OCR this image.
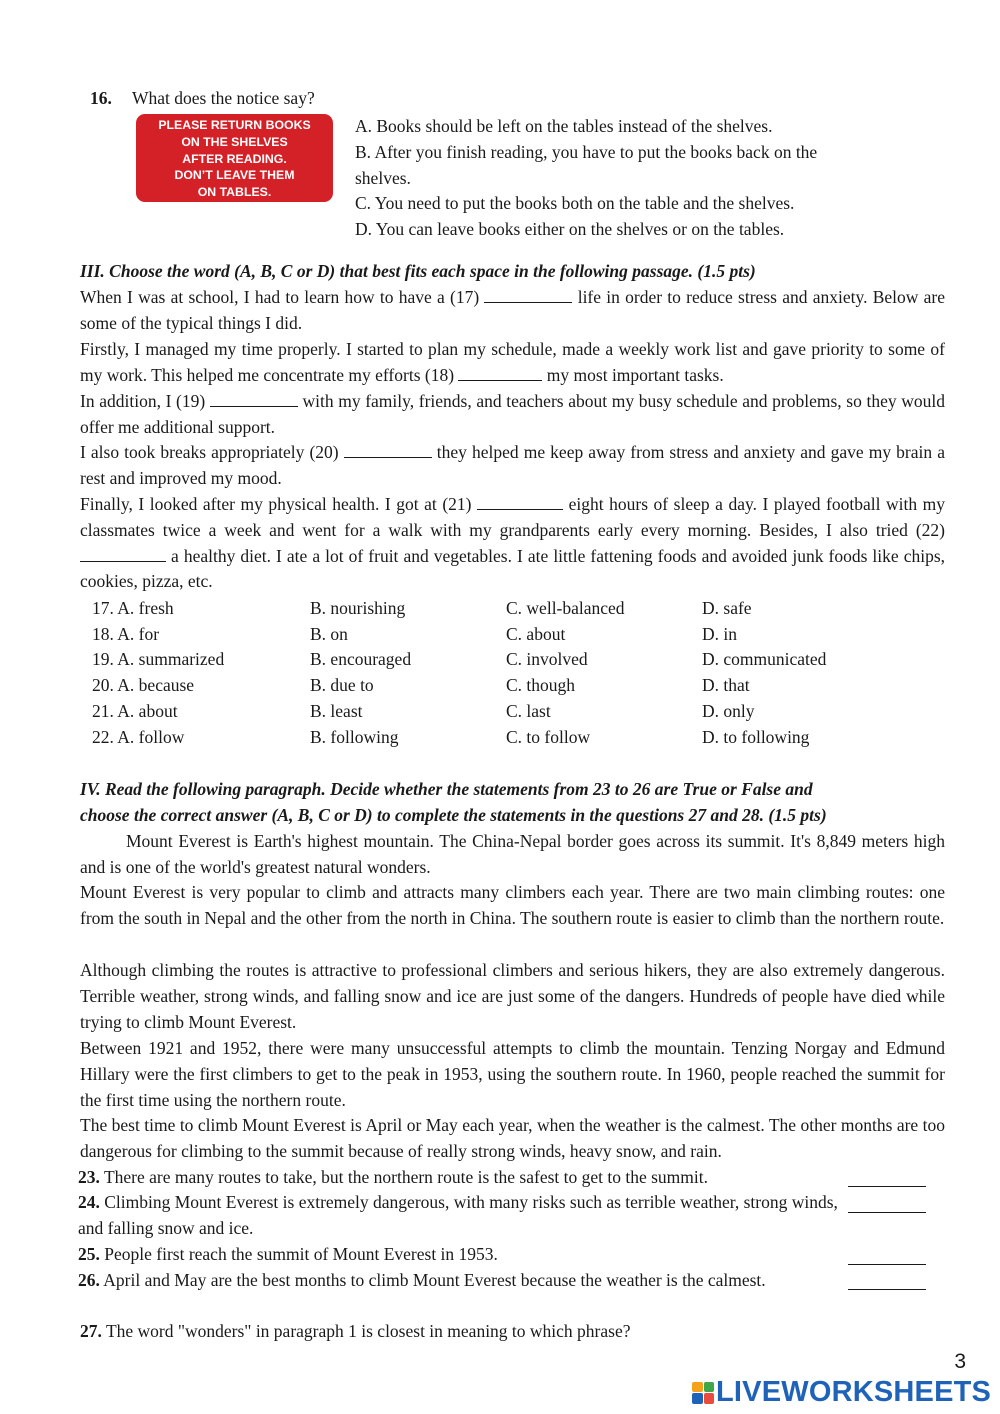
16. What does the notice say?
PLEASE RETURN BOOKS
ON THE SHELVES
AFTER READING.
DON’T LEAVE THEM
ON TABLES.
A. Books should be left on the tables instead of the shelves.
B. After you finish reading, you have to put the books back on the
shelves.
C. You need to put the books both on the table and the shelves.
D. You can leave books either on the shelves or on the tables.
III. Choose the word (A, B, C or D) that best fits each space in the following passage. (1.5 pts)
When I was at school, I had to learn how to have a (17)	life in order to reduce stress and anxiety. Below are some of the typical things I did.
Firstly, I managed my time properly. I started to plan my schedule, made a weekly work list and gave priority to some of my work. This helped me concentrate my efforts (18)	my most important tasks.
In addition, I (19)	with my family, friends, and teachers about my busy schedule and problems, so they would offer me additional support.
I also took breaks appropriately (20)	they helped me keep away from stress and anxiety and gave my brain a rest and improved my mood.
Finally, I looked after my physical health. I got at (21)	eight hours of sleep a day. I played football with my classmates twice a week and went for a walk with my grandparents early every morning. Besides, I also tried (22)  a healthy diet. I ate a lot of fruit and vegetables. I ate little fattening foods and avoided junk foods like chips, cookies, pizza, etc.
17. A. fresh	B. nourishing	C. well-balanced	D. safe
18. A. for	B. on	C. about	D. in
19. A. summarized	B. encouraged	C. involved	D. communicated
20. A. because	B. due to	C. though	D. that
21. A. about	B. least	C. last	D. only
22. A. follow	B. following	C. to follow	D. to following
IV. Read the following paragraph. Decide whether the statements from 23 to 26 are True or False and
choose the correct answer (A, B, C or D) to complete the statements in the questions 27 and 28. (1.5 pts)
Mount Everest is Earth's highest mountain. The China-Nepal border goes across its summit. It's 8,849 meters high and is one of the world's greatest natural wonders.
Mount Everest is very popular to climb and attracts many climbers each year. There are two main climbing routes: one from the south in Nepal and the other from the north in China. The southern route is easier to climb than the northern route.
Although climbing the routes is attractive to professional climbers and serious hikers, they are also extremely dangerous. Terrible weather, strong winds, and falling snow and ice are just some of the dangers. Hundreds of people have died while trying to climb Mount Everest.
Between 1921 and 1952, there were many unsuccessful attempts to climb the mountain. Tenzing Norgay and Edmund Hillary were the first climbers to get to the peak in 1953, using the southern route. In 1960, people reached the summit for the first time using the northern route.
The best time to climb Mount Everest is April or May each year, when the weather is the calmest. The other months are too dangerous for climbing to the summit because of really strong winds, heavy snow, and rain.
23. There are many routes to take, but the northern route is the safest to get to the summit.
24. Climbing Mount Everest is extremely dangerous, with many risks such as terrible weather, strong winds, and falling snow and ice.
25. People first reach the summit of Mount Everest in 1953.
26. April and May are the best months to climb Mount Everest because the weather is the calmest.
27. The word "wonders" in paragraph 1 is closest in meaning to which phrase?
3
LIVEWORKSHEETS
